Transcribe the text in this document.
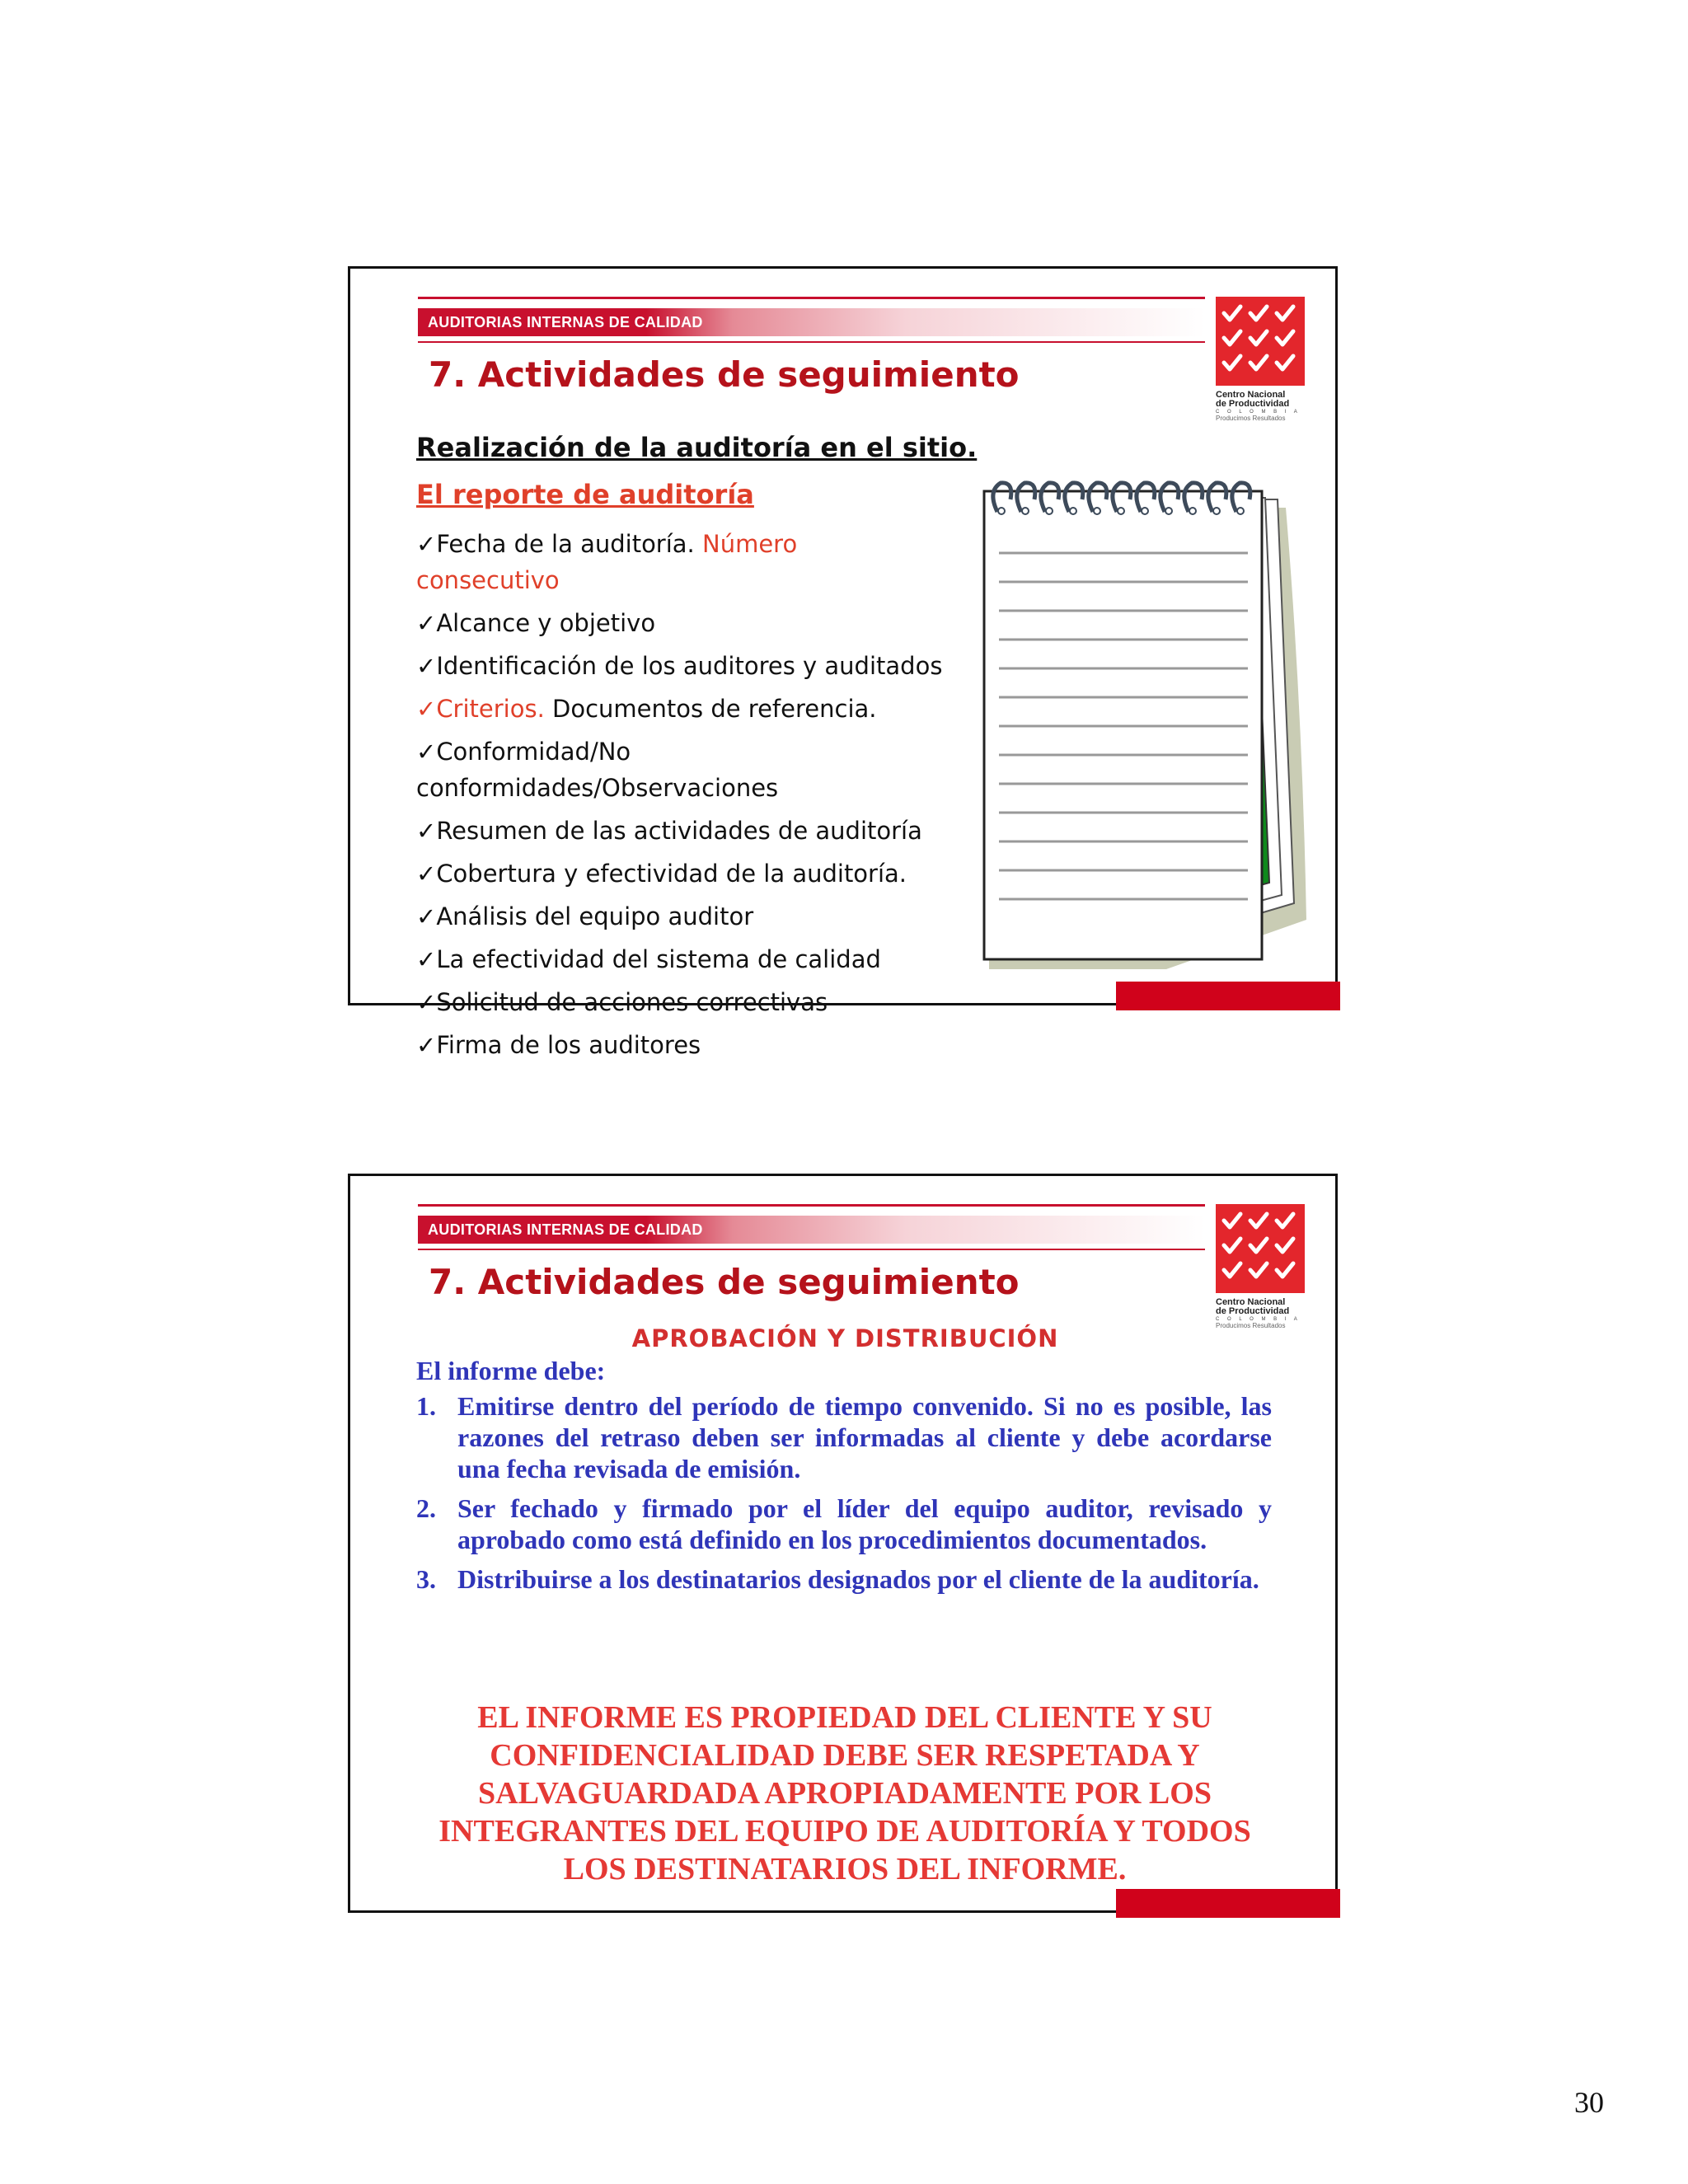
AUDITORIAS INTERNAS DE CALIDAD
Centro Nacional
de Productividad
C O L O M B I A
Producimos Resultados
7. Actividades de seguimiento

Realización de la auditoría en el sitio.

El reporte de auditoría

✓Fecha de la auditoría. Número consecutivo
✓Alcance y objetivo
✓Identificación de los auditores y auditados
✓Criterios. Documentos de referencia.
✓Conformidad/No conformidades/Observaciones
✓Resumen de las actividades de auditoría
✓Cobertura y efectividad de la auditoría.
✓Análisis del equipo auditor
✓La efectividad del sistema de calidad
✓Solicitud de acciones correctivas
✓Firma de los auditores
AUDITORIAS INTERNAS DE CALIDAD
Centro Nacional
de Productividad
C O L O M B I A
Producimos Resultados
7. Actividades de seguimiento

APROBACIÓN Y DISTRIBUCIÓN

El informe debe:

1. Emitirse dentro del período de tiempo convenido. Si no es posible, las razones del retraso deben ser informadas al cliente y debe acordarse una fecha revisada de emisión.
2. Ser fechado y firmado por el líder del equipo auditor, revisado y aprobado como está definido en los procedimientos documentados.
3. Distribuirse a los destinatarios designados por el cliente de la auditoría.

EL INFORME ES PROPIEDAD DEL CLIENTE Y SU CONFIDENCIALIDAD DEBE SER RESPETADA Y SALVAGUARDADA APROPIADAMENTE POR LOS INTEGRANTES DEL EQUIPO DE AUDITORÍA Y TODOS LOS DESTINATARIOS DEL INFORME.

30
